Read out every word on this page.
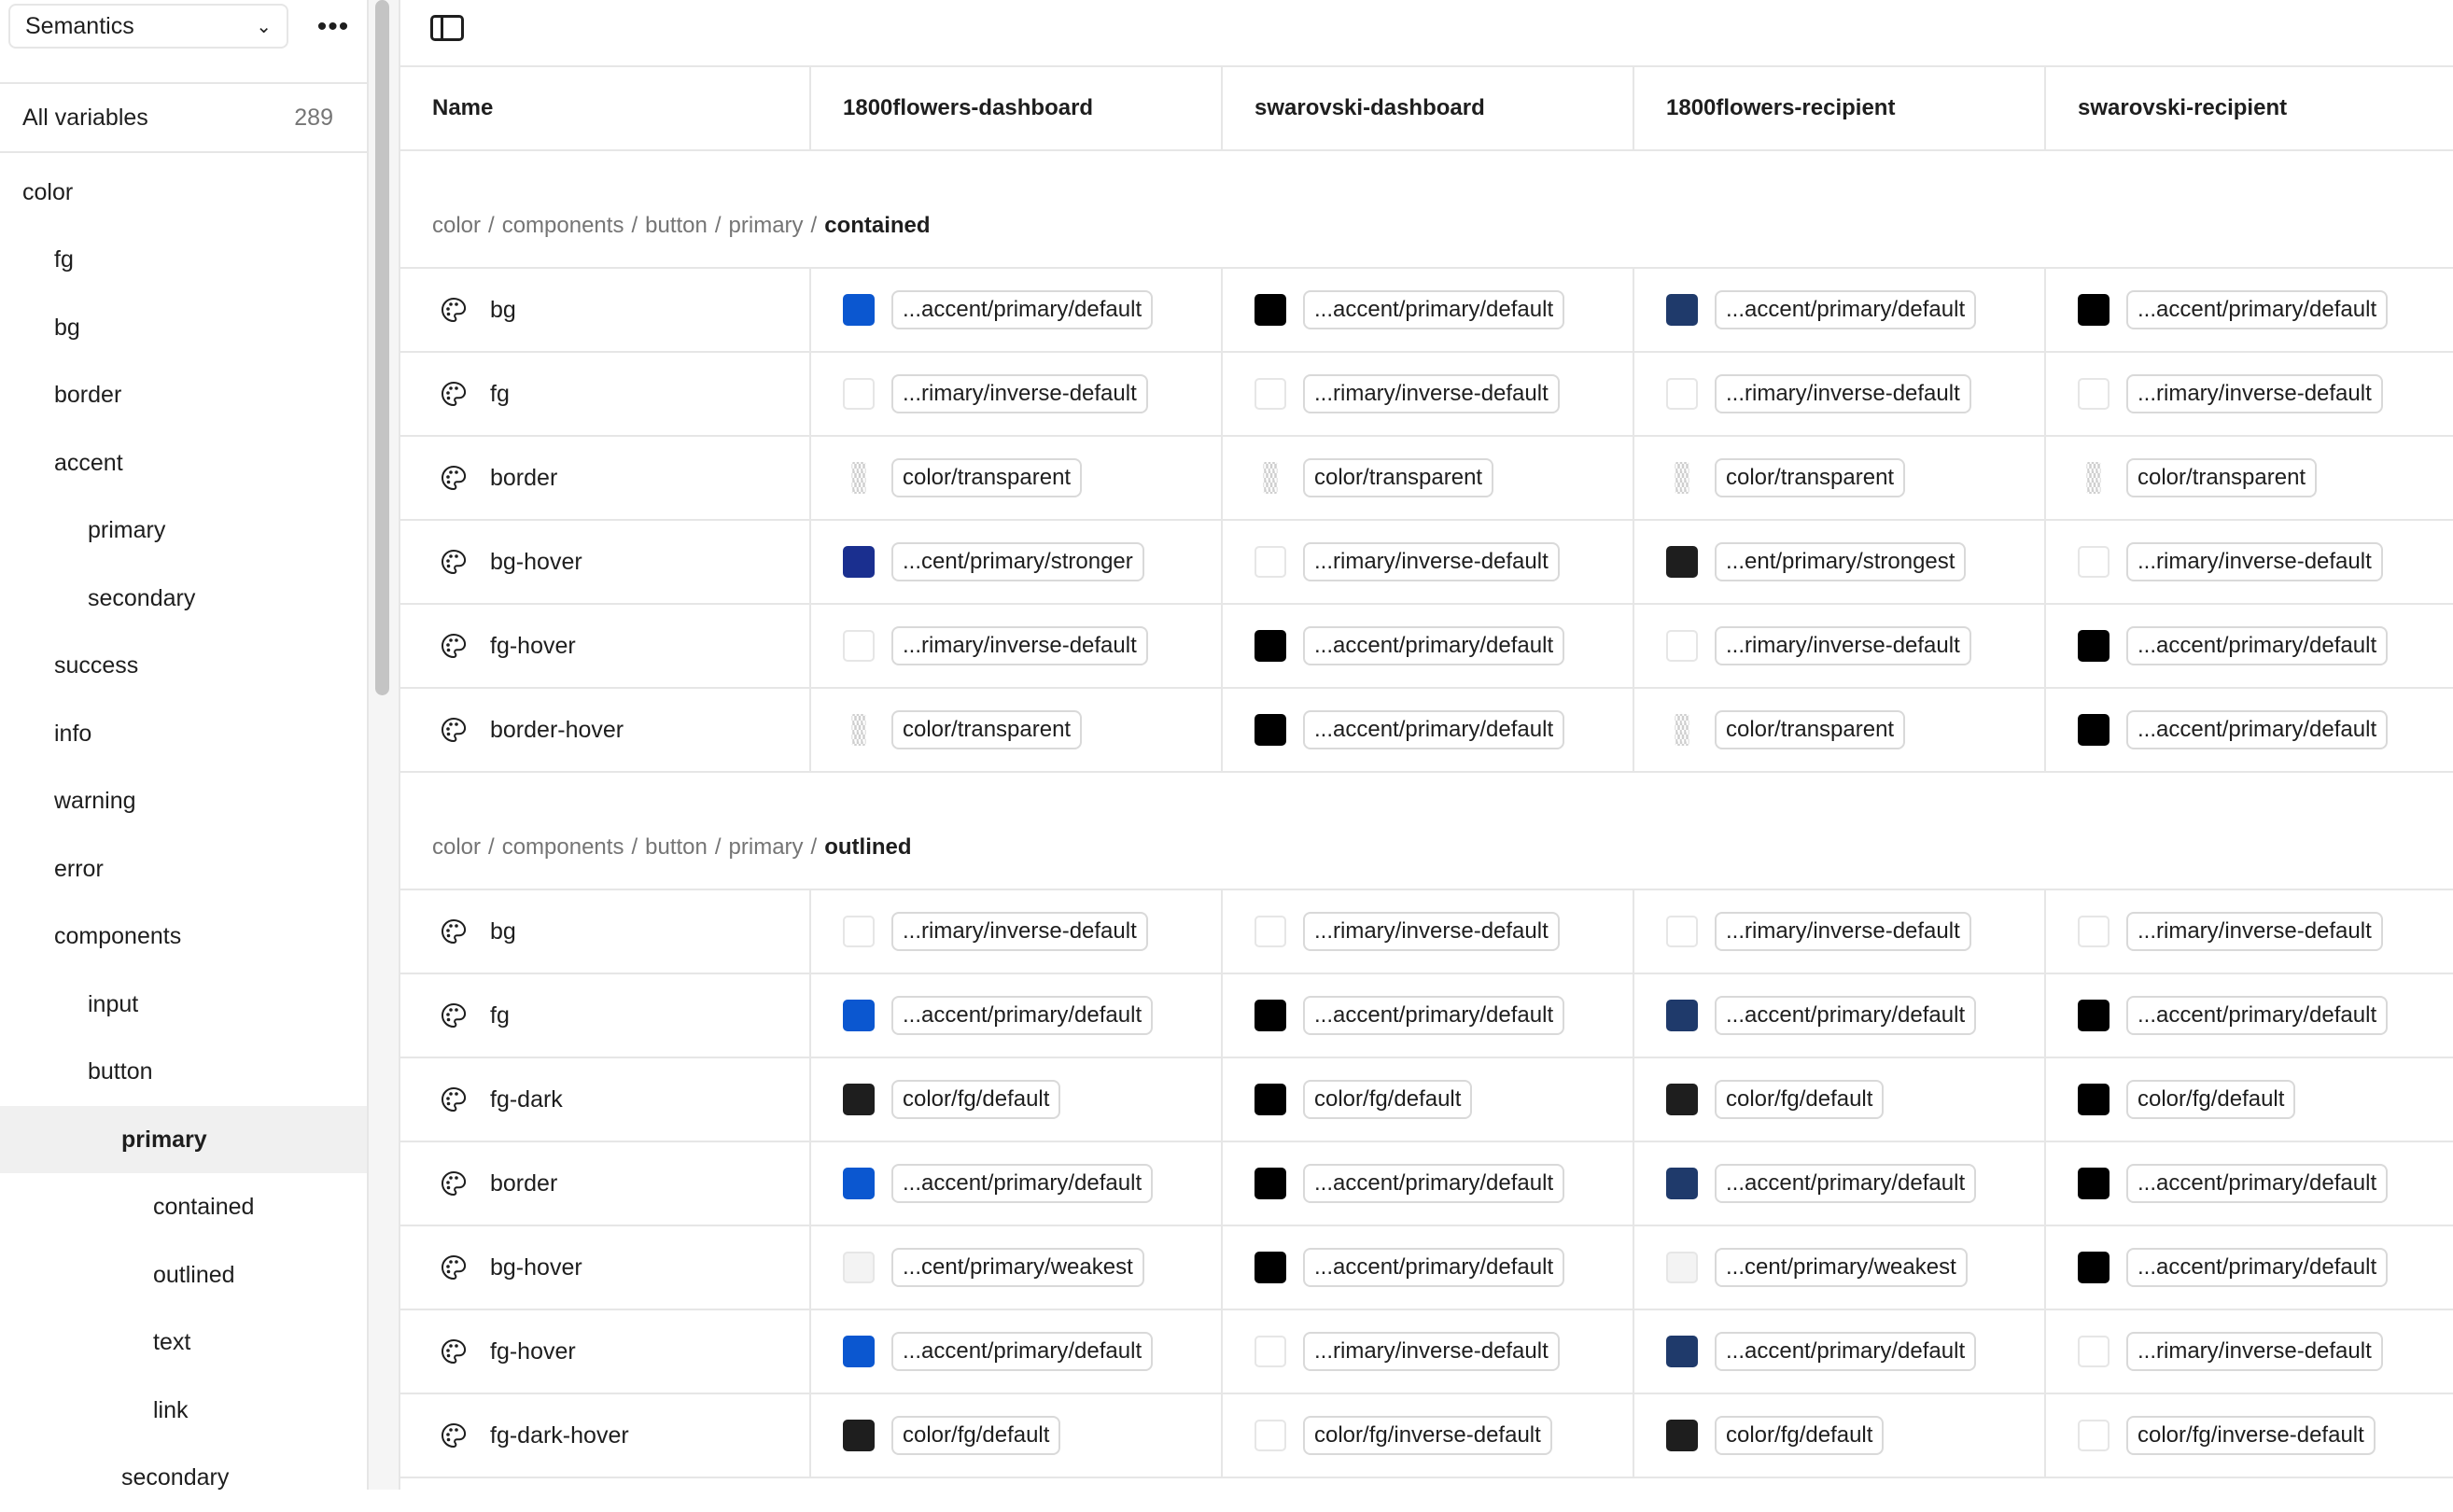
Semantics	⌄ •••
All variables	289
color
fg
bg
border
accent
primary
secondary
success
info
warning
error
components
input
button
primary
contained
outlined
text
link
secondary
Name	1800flowers-dashboard	swarovski-dashboard	1800flowers-recipient	swarovski-recipient
color / components / button / primary / contained
bg	...accent/primary/default	...accent/primary/default	...accent/primary/default	...accent/primary/default
fg	...rimary/inverse-default	...rimary/inverse-default	...rimary/inverse-default	...rimary/inverse-default
border	color/transparent	color/transparent	color/transparent	color/transparent
bg-hover	...cent/primary/stronger	...rimary/inverse-default	...ent/primary/strongest	...rimary/inverse-default
fg-hover	...rimary/inverse-default	...accent/primary/default	...rimary/inverse-default	...accent/primary/default
border-hover	color/transparent	...accent/primary/default	color/transparent	...accent/primary/default
color / components / button / primary / outlined
bg	...rimary/inverse-default	...rimary/inverse-default	...rimary/inverse-default	...rimary/inverse-default
fg	...accent/primary/default	...accent/primary/default	...accent/primary/default	...accent/primary/default
fg-dark	color/fg/default	color/fg/default	color/fg/default	color/fg/default
border	...accent/primary/default	...accent/primary/default	...accent/primary/default	...accent/primary/default
bg-hover	...cent/primary/weakest	...accent/primary/default	...cent/primary/weakest	...accent/primary/default
fg-hover	...accent/primary/default	...rimary/inverse-default	...accent/primary/default	...rimary/inverse-default
fg-dark-hover	color/fg/default	color/fg/inverse-default	color/fg/default	color/fg/inverse-default
